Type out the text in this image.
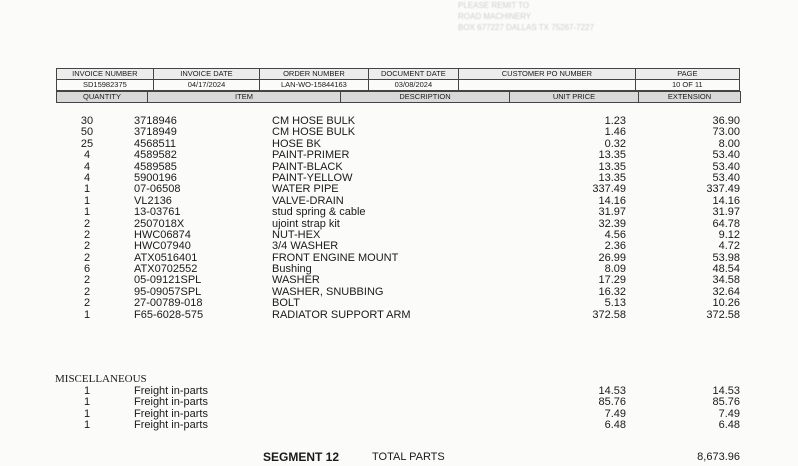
PLEASE REMIT TO
ROAD MACHINERY
BOX 677227 DALLAS TX 75267-7227
INVOICE NUMBER	INVOICE DATE	ORDER NUMBER	DOCUMENT DATE	CUSTOMER PO NUMBER	PAGE
SD15982375	04/17/2024	LAN-WO-15844163	03/08/2024		10 OF 11
QUANTITY	ITEM	DESCRIPTION	UNIT PRICE	EXTENSION
30	3718946	CM HOSE BULK	1.23	36.90
50	3718949	CM HOSE BULK	1.46	73.00
25	4568511	HOSE BK	0.32	8.00
4	4589582	PAINT-PRIMER	13.35	53.40
4	4589585	PAINT-BLACK	13.35	53.40
4	5900196	PAINT-YELLOW	13.35	53.40
1	07-06508	WATER PIPE	337.49	337.49
1	VL2136	VALVE-DRAIN	14.16	14.16
1	13-03761	stud spring & cable	31.97	31.97
2	2507018X	ujoint strap kit	32.39	64.78
2	HWC06874	NUT-HEX	4.56	9.12
2	HWC07940	3/4 WASHER	2.36	4.72
2	ATX0516401	FRONT ENGINE MOUNT	26.99	53.98
6	ATX0702552	Bushing	8.09	48.54
2	05-09121SPL	WASHER	17.29	34.58
2	95-09057SPL	WASHER, SNUBBING	16.32	32.64
2	27-00789-018	BOLT	5.13	10.26
1	F65-6028-575	RADIATOR SUPPORT ARM	372.58	372.58
MISCELLANEOUS
1	Freight in-parts	14.53	14.53
1	Freight in-parts	85.76	85.76
1	Freight in-parts	7.49	7.49
1	Freight in-parts	6.48	6.48
SEGMENT 12	TOTAL PARTS	8,673.96
